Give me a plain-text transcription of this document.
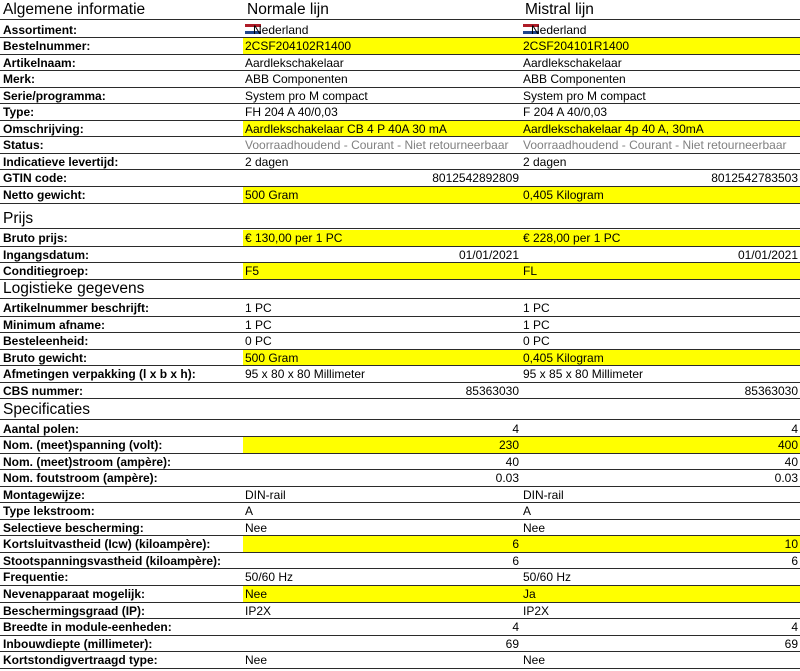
Algemene informatie	Normale lijn	Mistral lijn
Assortiment:	Nederland	Nederland
Bestelnummer:	2CSF204102R1400	2CSF204101R1400
Artikelnaam:	Aardlekschakelaar	Aardlekschakelaar
Merk:	ABB Componenten	ABB Componenten
Serie/programma:	System pro M compact	System pro M compact
Type:	FH 204 A 40/0,03	F 204 A 40/0,03
Omschrijving:	Aardlekschakelaar CB 4 P 40A 30 mA	Aardlekschakelaar 4p 40 A, 30mA
Status:	Voorraadhoudend - Courant - Niet retourneerbaar	Voorraadhoudend - Courant - Niet retourneerbaar
Indicatieve levertijd:	2 dagen	2 dagen
GTIN code:	8012542892809	8012542783503
Netto gewicht:	500 Gram	0,405 Kilogram
Prijs
Bruto prijs:	€ 130,00 per 1 PC	€ 228,00 per 1 PC
Ingangsdatum:	01/01/2021	01/01/2021
Conditiegroep:	F5	FL
Logistieke gegevens
Artikelnummer beschrijft:	1 PC	1 PC
Minimum afname:	1 PC	1 PC
Besteleenheid:	0 PC	0 PC
Bruto gewicht:	500 Gram	0,405 Kilogram
Afmetingen verpakking (l x b x h):	95 x 80 x 80 Millimeter	95 x 85 x 80 Millimeter
CBS nummer:	85363030	85363030
Specificaties
Aantal polen:	4	4
Nom. (meet)spanning (volt):	230	400
Nom. (meet)stroom (ampère):	40	40
Nom. foutstroom (ampère):	0.03	0.03
Montagewijze:	DIN-rail	DIN-rail
Type lekstroom:	A	A
Selectieve bescherming:	Nee	Nee
Kortsluitvastheid (Icw) (kiloampère):	6	10
Stootspanningsvastheid (kiloampère):	6	6
Frequentie:	50/60 Hz	50/60 Hz
Nevenapparaat mogelijk:	Nee	Ja
Beschermingsgraad (IP):	IP2X	IP2X
Breedte in module-eenheden:	4	4
Inbouwdiepte (millimeter):	69	69
Kortstondigvertraagd type:	Nee	Nee
